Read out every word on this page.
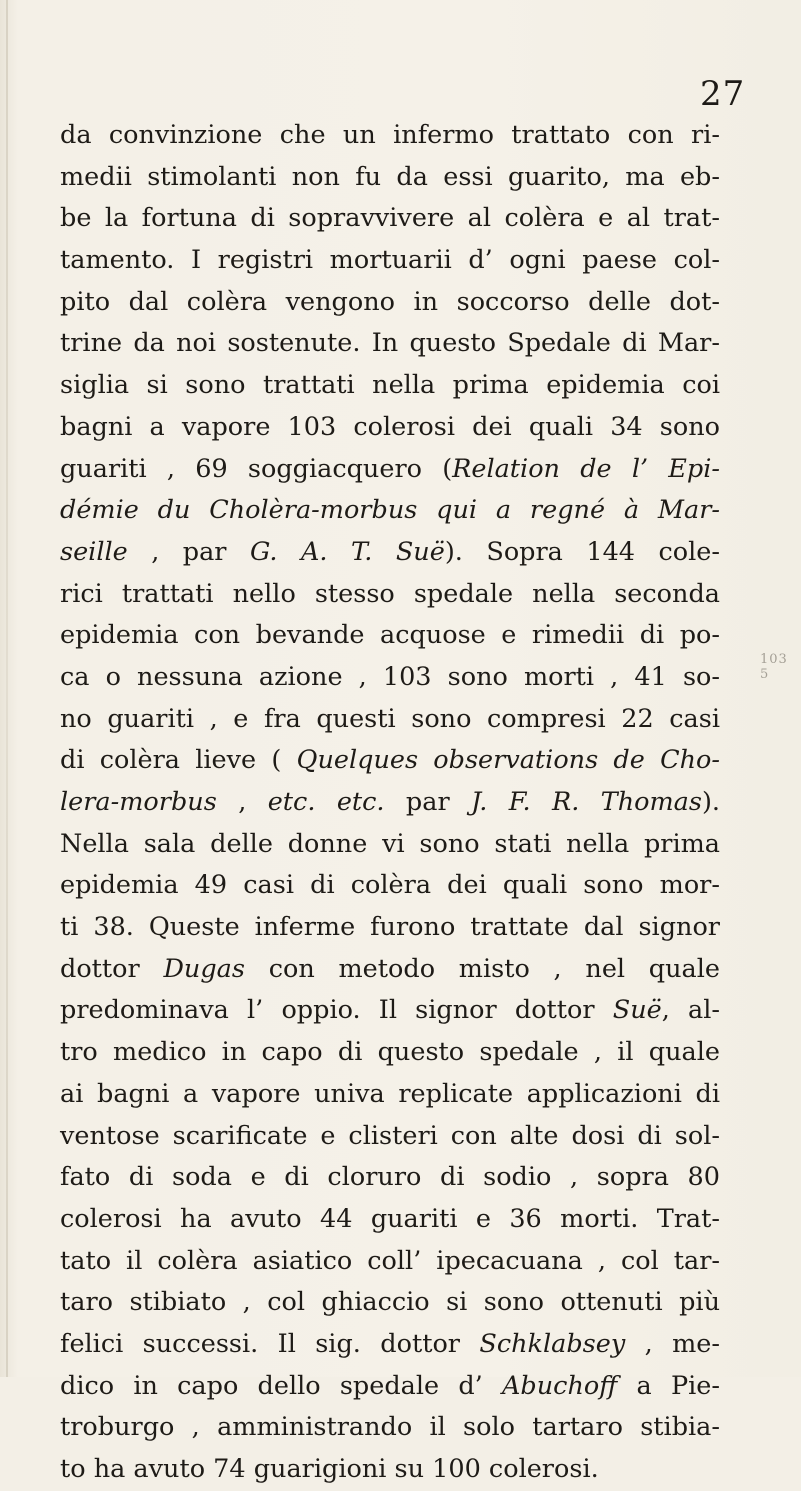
27
103 5
da convinzione che un infermo trattato con ri-
medii stimolanti non fu da essi guarito, ma eb-
be la fortuna di sopravvivere al colèra e al trat-
tamento. I registri mortuarii d’ ogni paese col-
pito dal colèra vengono in soccorso delle dot-
trine da noi sostenute. In questo Spedale di Mar-
siglia si sono trattati nella prima epidemia coi
bagni a vapore 103 colerosi dei quali 34 sono
guariti , 69 soggiacquero (Relation de l’ Epi-
démie du Cholèra-morbus qui a regné à Mar-
seille , par G. A. T. Suë). Sopra 144 cole-
rici trattati nello stesso spedale nella seconda
epidemia con bevande acquose e rimedii di po-
ca o nessuna azione , 103 sono morti , 41 so-
no guariti , e fra questi sono compresi 22 casi
di colèra lieve ( Quelques observations de Cho-
lera-morbus , etc. etc. par J. F. R. Thomas).
Nella sala delle donne vi sono stati nella prima
epidemia 49 casi di colèra dei quali sono mor-
ti 38. Queste inferme furono trattate dal signor
dottor Dugas con metodo misto , nel quale
predominava l’ oppio. Il signor dottor Suë, al-
tro medico in capo di questo spedale , il quale
ai bagni a vapore univa replicate applicazioni di
ventose scarificate e clisteri con alte dosi di sol-
fato di soda e di cloruro di sodio , sopra 80
colerosi ha avuto 44 guariti e 36 morti. Trat-
tato il colèra asiatico coll’ ipecacuana , col tar-
taro stibiato , col ghiaccio si sono ottenuti più
felici successi. Il sig. dottor Schklabsey , me-
dico in capo dello spedale d’ Abuchoff a Pie-
troburgo , amministrando il solo tartaro stibia-
to ha avuto 74 guarigioni su 100 colerosi.
